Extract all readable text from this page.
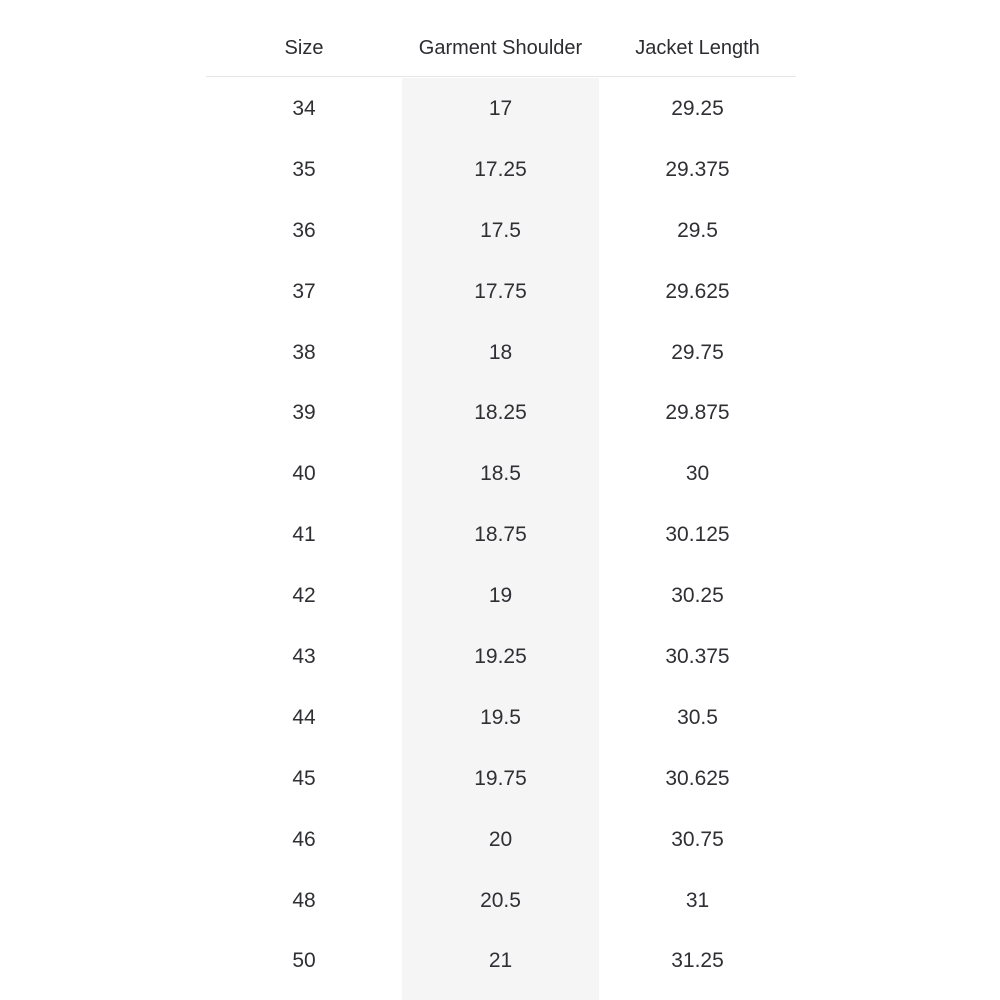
Size	Garment Shoulder	Jacket Length
34	17	29.25
35	17.25	29.375
36	17.5	29.5
37	17.75	29.625
38	18	29.75
39	18.25	29.875
40	18.5	30
41	18.75	30.125
42	19	30.25
43	19.25	30.375
44	19.5	30.5
45	19.75	30.625
46	20	30.75
48	20.5	31
50	21	31.25
